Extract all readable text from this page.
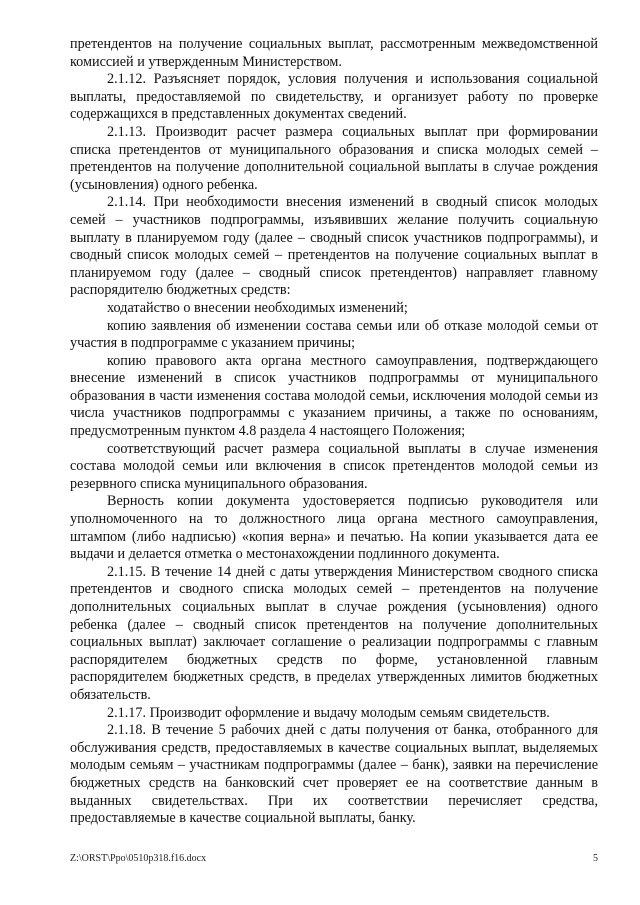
претендентов на получение социальных выплат, рассмотренным межведомственной комиссией и утвержденным Министерством.

2.1.12. Разъясняет порядок, условия получения и использования социальной выплаты, предоставляемой по свидетельству, и организует работу по проверке содержащихся в представленных документах сведений.

2.1.13. Производит расчет размера социальных выплат при формировании списка претендентов от муниципального образования и списка молодых семей – претендентов на получение дополнительной социальной выплаты в случае рождения (усыновления) одного ребенка.

2.1.14. При необходимости внесения изменений в сводный список молодых семей – участников подпрограммы, изъявивших желание получить социальную выплату в планируемом году (далее – сводный список участников подпрограммы), и сводный список молодых семей – претендентов на получение социальных выплат в планируемом году (далее – сводный список претендентов) направляет главному распорядителю бюджетных средств:

ходатайство о внесении необходимых изменений;

копию заявления об изменении состава семьи или об отказе молодой семьи от участия в подпрограмме с указанием причины;

копию правового акта органа местного самоуправления, подтверждающего внесение изменений в список участников подпрограммы от муниципального образования в части изменения состава молодой семьи, исключения молодой семьи из числа участников подпрограммы с указанием причины, а также по основаниям, предусмотренным пунктом 4.8 раздела 4 настоящего Положения;

соответствующий расчет размера социальной выплаты в случае изменения состава молодой семьи или включения в список претендентов молодой семьи из резервного списка муниципального образования.

Верность копии документа удостоверяется подписью руководителя или уполномоченного на то должностного лица органа местного самоуправления, штампом (либо надписью) «копия верна» и печатью. На копии указывается дата ее выдачи и делается отметка о местонахождении подлинного документа.

2.1.15. В течение 14 дней с даты утверждения Министерством сводного списка претендентов и сводного списка молодых семей – претендентов на получение дополнительных социальных выплат в случае рождения (усыновления) одного ребенка (далее – сводный список претендентов на получение дополнительных социальных выплат) заключает соглашение о реализации подпрограммы с главным распорядителем бюджетных средств по форме, установленной главным распорядителем бюджетных средств, в пределах утвержденных лимитов бюджетных обязательств.

2.1.17. Производит оформление и выдачу молодым семьям свидетельств.

2.1.18. В течение 5 рабочих дней с даты получения от банка, отобранного для обслуживания средств, предоставляемых в качестве социальных выплат, выделяемых молодым семьям – участникам подпрограммы (далее – банк), заявки на перечисление бюджетных средств на банковский счет проверяет ее на соответствие данным в выданных свидетельствах. При их соответствии перечисляет средства, предоставляемые в качестве социальной выплаты, банку.

Z:\ORST\Ppo\0510p318.f16.docx	5
